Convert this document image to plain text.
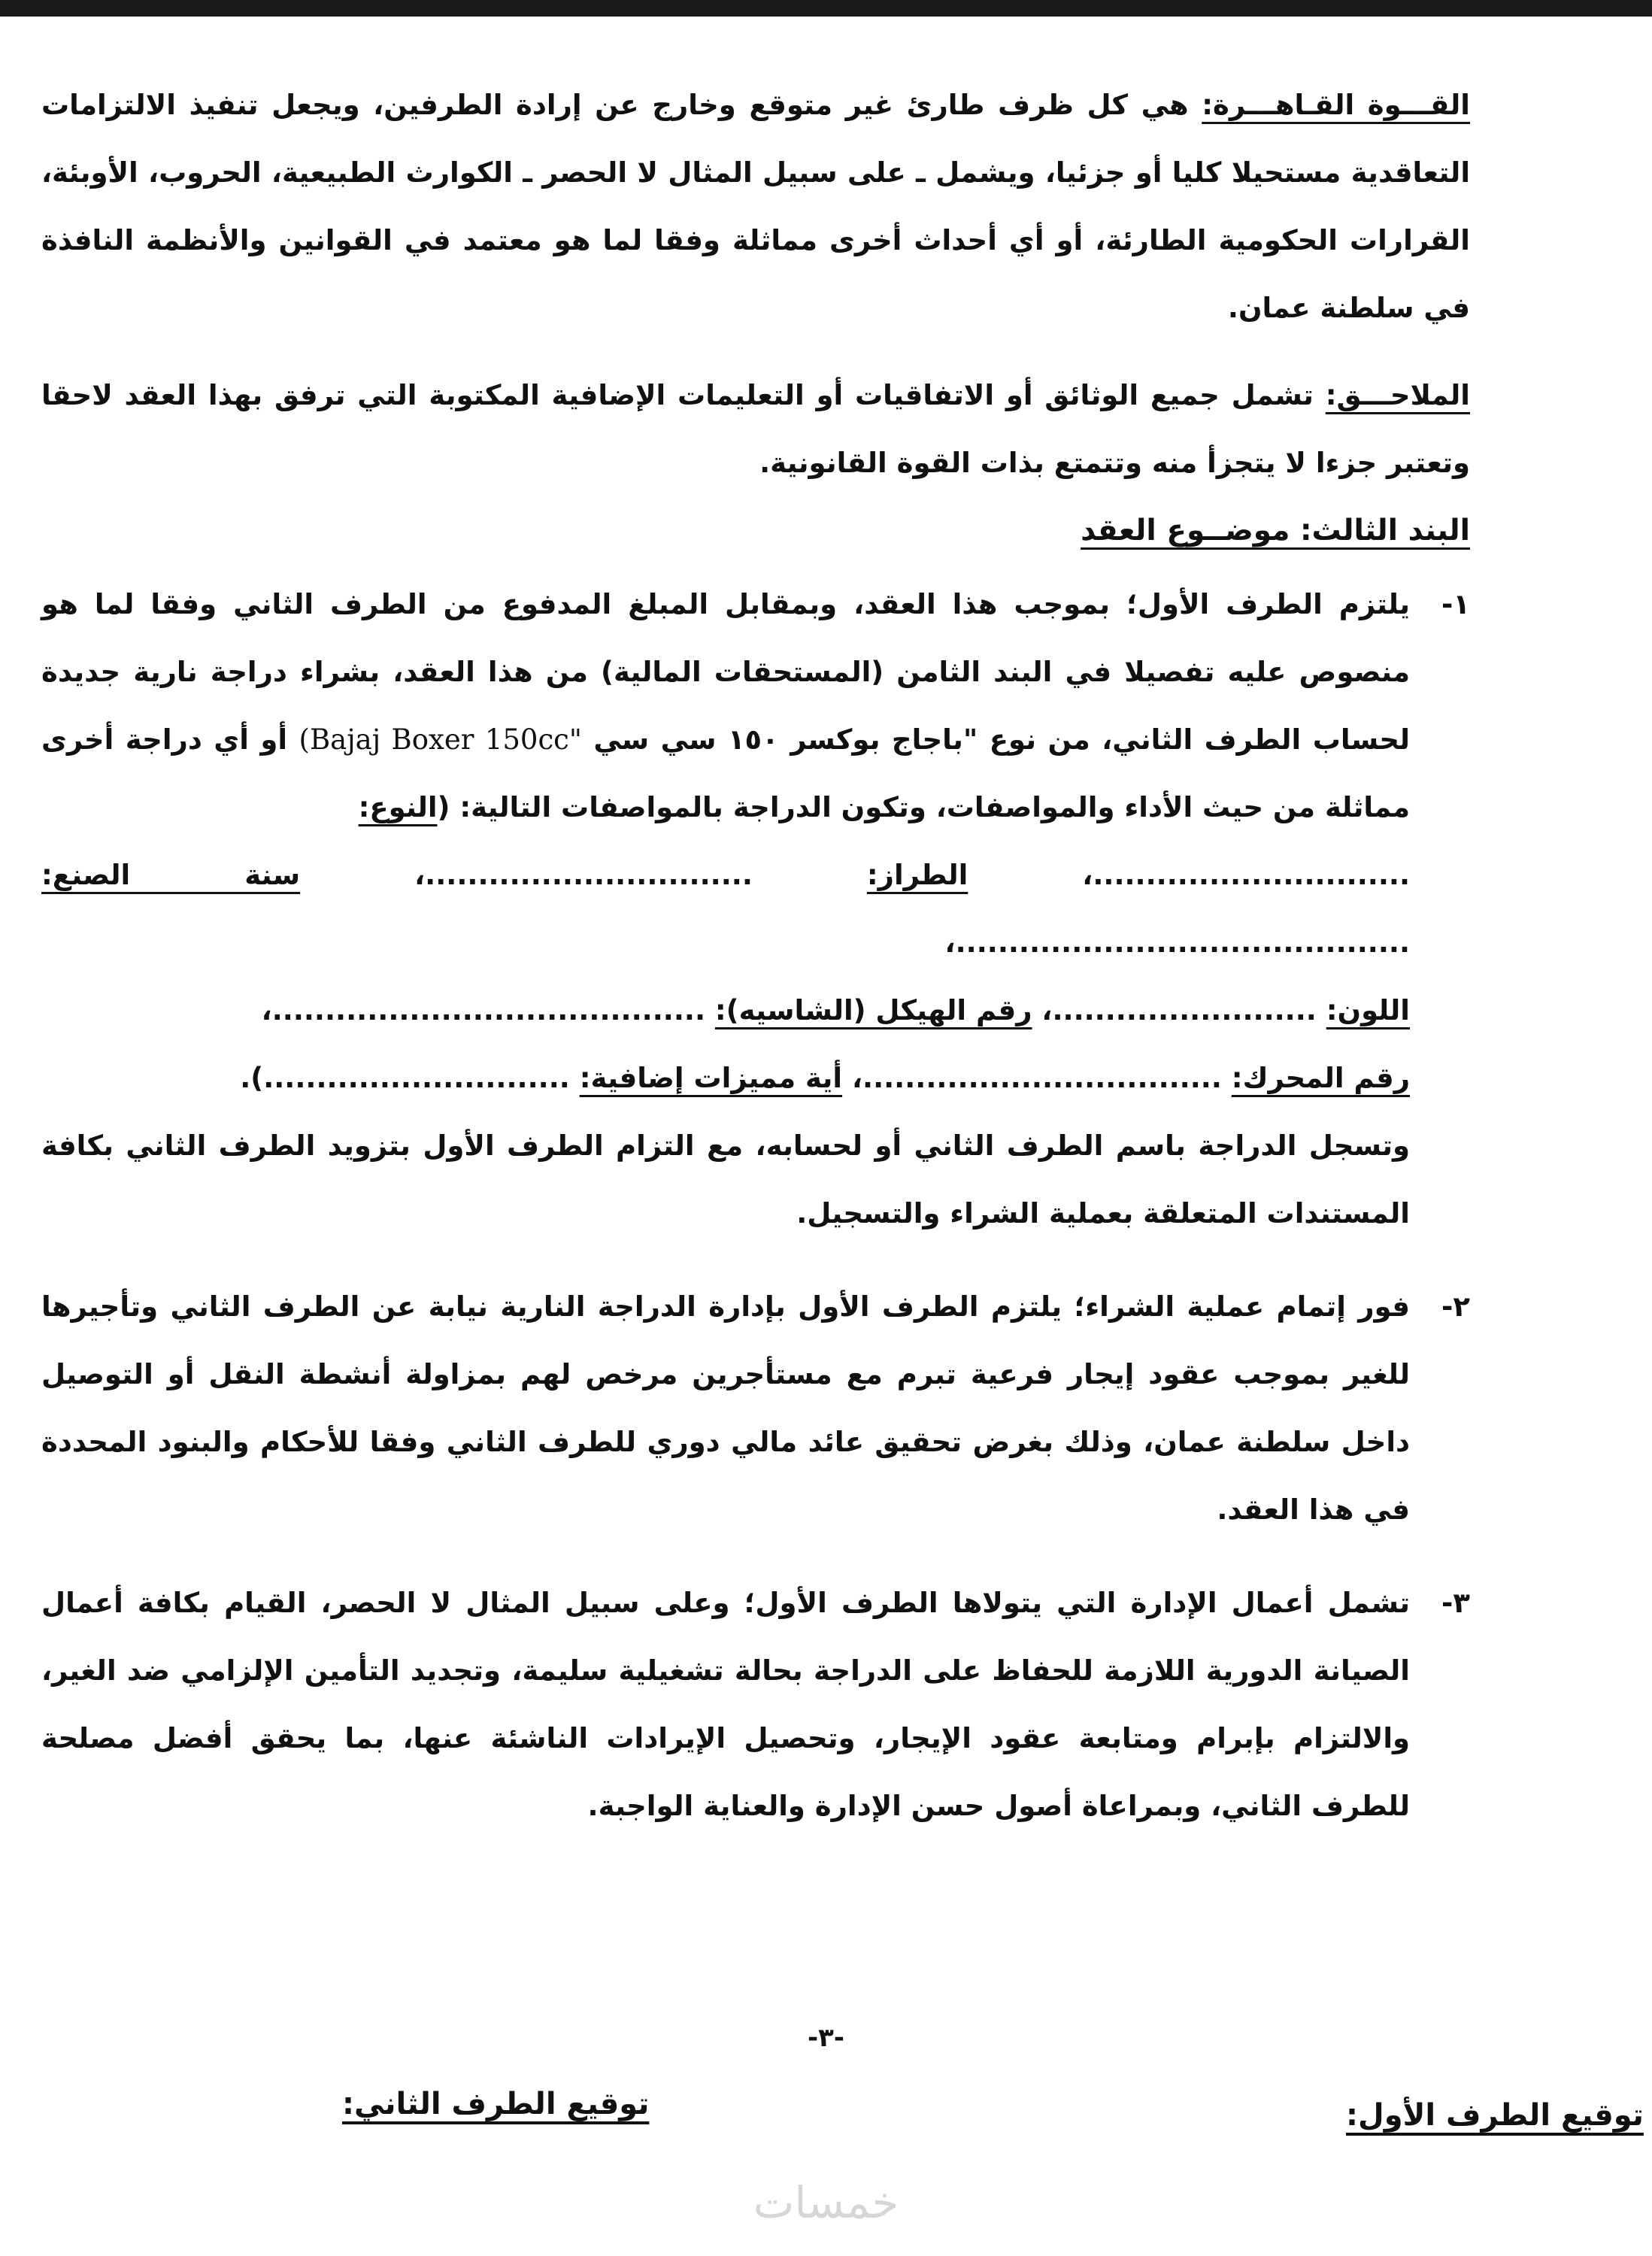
القـــوة القـاهـــرة: هي كل ظرف طارئ غير متوقع وخارج عن إرادة الطرفين، ويجعل تنفيذ الالتزامات التعاقدية مستحيلا كليا أو جزئيا، ويشمل ـ على سبيل المثال لا الحصر ـ الكوارث الطبيعية، الحروب، الأوبئة، القرارات الحكومية الطارئة، أو أي أحداث أخرى مماثلة وفقا لما هو معتمد في القوانين والأنظمة النافذة في سلطنة عمان.

الملاحـــق: تشمل جميع الوثائق أو الاتفاقيات أو التعليمات الإضافية المكتوبة التي ترفق بهذا العقد لاحقا وتعتبر جزءا لا يتجزأ منه وتتمتع بذات القوة القانونية.

البند الثالث: موضــوع العقد

١-
يلتزم الطرف الأول؛ بموجب هذا العقد، وبمقابل المبلغ المدفوع من الطرف الثاني وفقا لما هو منصوص عليه تفصيلا في البند الثامن (المستحقات المالية) من هذا العقد، بشراء دراجة نارية جديدة لحساب الطرف الثاني، من نوع "باجاج بوكسر ١٥٠ سي سي (Bajaj Boxer 150cc" أو أي دراجة أخرى مماثلة من حيث الأداء والمواصفات، وتكون الدراجة بالمواصفات التالية: (النوع:
..............................، الطراز: ...............................، سنة الصنع: ...........................................،
اللون: .........................، رقم الهيكل (الشاسيه): .........................................،
رقم المحرك: ..................................، أية مميزات إضافية: .............................).
وتسجل الدراجة باسم الطرف الثاني أو لحسابه، مع التزام الطرف الأول بتزويد الطرف الثاني بكافة المستندات المتعلقة بعملية الشراء والتسجيل.
٢-
فور إتمام عملية الشراء؛ يلتزم الطرف الأول بإدارة الدراجة النارية نيابة عن الطرف الثاني وتأجيرها للغير بموجب عقود إيجار فرعية تبرم مع مستأجرين مرخص لهم بمزاولة أنشطة النقل أو التوصيل داخل سلطنة عمان، وذلك بغرض تحقيق عائد مالي دوري للطرف الثاني وفقا للأحكام والبنود المحددة في هذا العقد.
٣-
تشمل أعمال الإدارة التي يتولاها الطرف الأول؛ وعلى سبيل المثال لا الحصر، القيام بكافة أعمال الصيانة الدورية اللازمة للحفاظ على الدراجة بحالة تشغيلية سليمة، وتجديد التأمين الإلزامي ضد الغير، والالتزام بإبرام ومتابعة عقود الإيجار، وتحصيل الإيرادات الناشئة عنها، بما يحقق أفضل مصلحة للطرف الثاني، وبمراعاة أصول حسن الإدارة والعناية الواجبة.
-٣-
توقيع الطرف الأول:
توقيع الطرف الثاني:
خمسات
